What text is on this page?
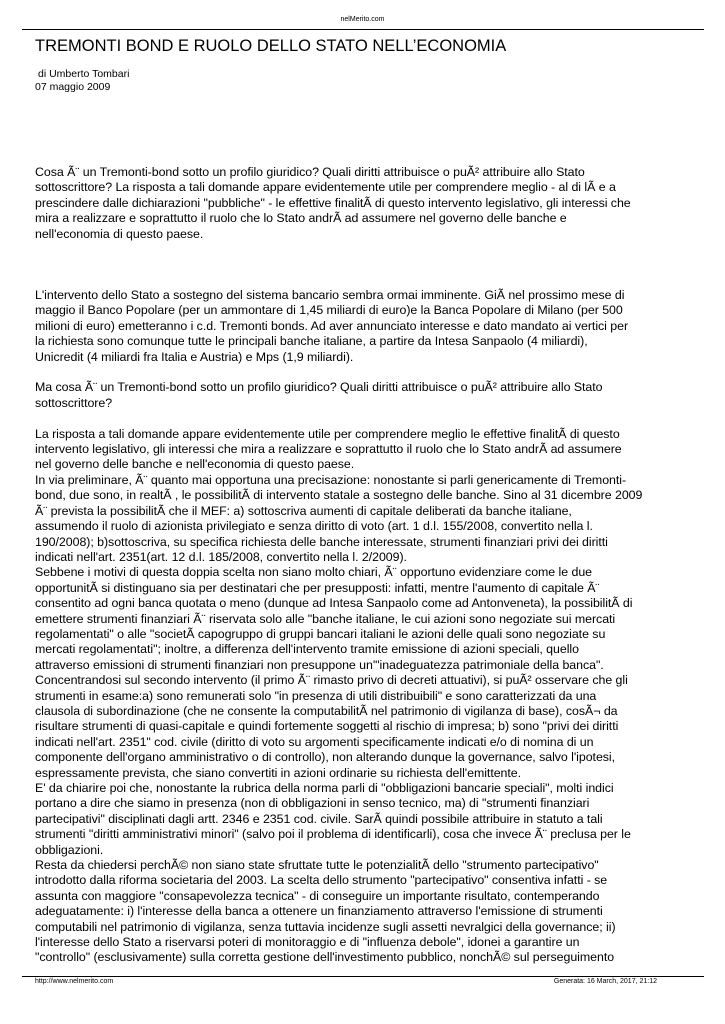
nelMerito.com
TREMONTI BOND E RUOLO DELLO STATO NELL’ECONOMIA
di Umberto Tombari
07 maggio 2009

Cosa Ã¨ un Tremonti-bond sotto un profilo giuridico? Quali diritti attribuisce o puÃ² attribuire allo Stato
sottoscrittore? La risposta a tali domande appare evidentemente utile per comprendere meglio - al di lÃ e a
prescindere dalle dichiarazioni "pubbliche" - le effettive finalitÃ di questo intervento legislativo, gli interessi che
mira a realizzare e soprattutto il ruolo che lo Stato andrÃ ad assumere nel governo delle banche e
nell'economia di questo paese.

L'intervento dello Stato a sostegno del sistema bancario sembra ormai imminente. GiÃ nel prossimo mese di
maggio il Banco Popolare (per un ammontare di 1,45 miliardi di euro)e la Banca Popolare di Milano (per 500
milioni di euro) emetteranno i c.d. Tremonti bonds. Ad aver annunciato interesse e dato mandato ai vertici per
la richiesta sono comunque tutte le principali banche italiane, a partire da Intesa Sanpaolo (4 miliardi),
Unicredit (4 miliardi fra Italia e Austria) e Mps (1,9 miliardi).

Ma cosa Ã¨ un Tremonti-bond sotto un profilo giuridico? Quali diritti attribuisce o puÃ² attribuire allo Stato
sottoscrittore?

La risposta a tali domande appare evidentemente utile per comprendere meglio le effettive finalitÃ di questo
intervento legislativo, gli interessi che mira a realizzare e soprattutto il ruolo che lo Stato andrÃ ad assumere
nel governo delle banche e nell'economia di questo paese.
In via preliminare, Ã¨ quanto mai opportuna una precisazione: nonostante si parli genericamente di Tremonti-
bond, due sono, in realtÃ , le possibilitÃ di intervento statale a sostegno delle banche. Sino al 31 dicembre 2009
Ã¨ prevista la possibilitÃ che il MEF: a) sottoscriva aumenti di capitale deliberati da banche italiane,
assumendo il ruolo di azionista privilegiato e senza diritto di voto (art. 1 d.l. 155/2008, convertito nella l.
190/2008); b)sottoscriva, su specifica richiesta delle banche interessate, strumenti finanziari privi dei diritti
indicati nell'art. 2351(art. 12 d.l. 185/2008, convertito nella l. 2/2009).
Sebbene i motivi di questa doppia scelta non siano molto chiari, Ã¨ opportuno evidenziare come le due
opportunitÃ si distinguano sia per destinatari che per presupposti: infatti, mentre l'aumento di capitale Ã¨
consentito ad ogni banca quotata o meno (dunque ad Intesa Sanpaolo come ad Antonveneta), la possibilitÃ di
emettere strumenti finanziari Ã¨ riservata solo alle "banche italiane, le cui azioni sono negoziate sui mercati
regolamentati" o alle "societÃ capogruppo di gruppi bancari italiani le azioni delle quali sono negoziate su
mercati regolamentati"; inoltre, a differenza dell'intervento tramite emissione di azioni speciali, quello
attraverso emissioni di strumenti finanziari non presuppone un'"inadeguatezza patrimoniale della banca".
Concentrandosi sul secondo intervento (il primo Ã¨ rimasto privo di decreti attuativi), si puÃ² osservare che gli
strumenti in esame:a) sono remunerati solo "in presenza di utili distribuibili" e sono caratterizzati da una
clausola di subordinazione (che ne consente la computabilitÃ nel patrimonio di vigilanza di base), cosÃ¬ da
risultare strumenti di quasi-capitale e quindi fortemente soggetti al rischio di impresa; b) sono "privi dei diritti
indicati nell'art. 2351" cod. civile (diritto di voto su argomenti specificamente indicati e/o di nomina di un
componente dell'organo amministrativo o di controllo), non alterando dunque la governance, salvo l'ipotesi,
espressamente prevista, che siano convertiti in azioni ordinarie su richiesta dell'emittente.
E' da chiarire poi che, nonostante la rubrica della norma parli di "obbligazioni bancarie speciali", molti indici
portano a dire che siamo in presenza (non di obbligazioni in senso tecnico, ma) di "strumenti finanziari
partecipativi" disciplinati dagli artt. 2346 e 2351 cod. civile. SarÃ quindi possibile attribuire in statuto a tali
strumenti "diritti amministrativi minori" (salvo poi il problema di identificarli), cosa che invece Ã¨ preclusa per le
obbligazioni.
Resta da chiedersi perchÃ© non siano state sfruttate tutte le potenzialitÃ dello "strumento partecipativo"
introdotto dalla riforma societaria del 2003. La scelta dello strumento "partecipativo" consentiva infatti - se
assunta con maggiore "consapevolezza tecnica" - di conseguire un importante risultato, contemperando
adeguatamente: i) l'interesse della banca a ottenere un finanziamento attraverso l'emissione di strumenti
computabili nel patrimonio di vigilanza, senza tuttavia incidenze sugli assetti nevralgici della governance; ii)
l'interesse dello Stato a riservarsi poteri di monitoraggio e di "influenza debole", idonei a garantire un
"controllo" (esclusivamente) sulla corretta gestione dell'investimento pubblico, nonchÃ© sul perseguimento

http://www.nelmerito.com	Generata: 16 March, 2017, 21:12
